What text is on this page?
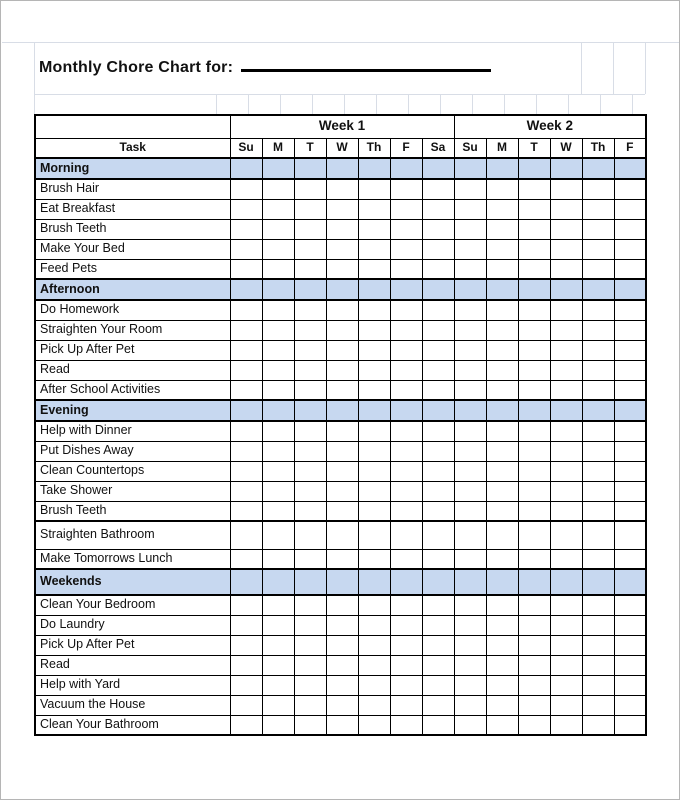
Monthly Chore Chart for:
	Week 1							Week 2					
Task	Su	M	T	W	Th	F	Sa	Su	M	T	W	Th	F
Morning													
Brush Hair													
Eat Breakfast													
Brush Teeth													
Make Your Bed													
Feed Pets													
Afternoon													
Do Homework													
Straighten Your Room													
Pick Up After Pet													
Read													
After School Activities													
Evening													
Help with Dinner													
Put Dishes Away													
Clean Countertops													
Take Shower													
Brush Teeth													
Straighten Bathroom													
Make Tomorrows Lunch													
Weekends													
Clean Your Bedroom													
Do Laundry													
Pick Up After Pet													
Read													
Help with Yard													
Vacuum the House													
Clean Your Bathroom													
